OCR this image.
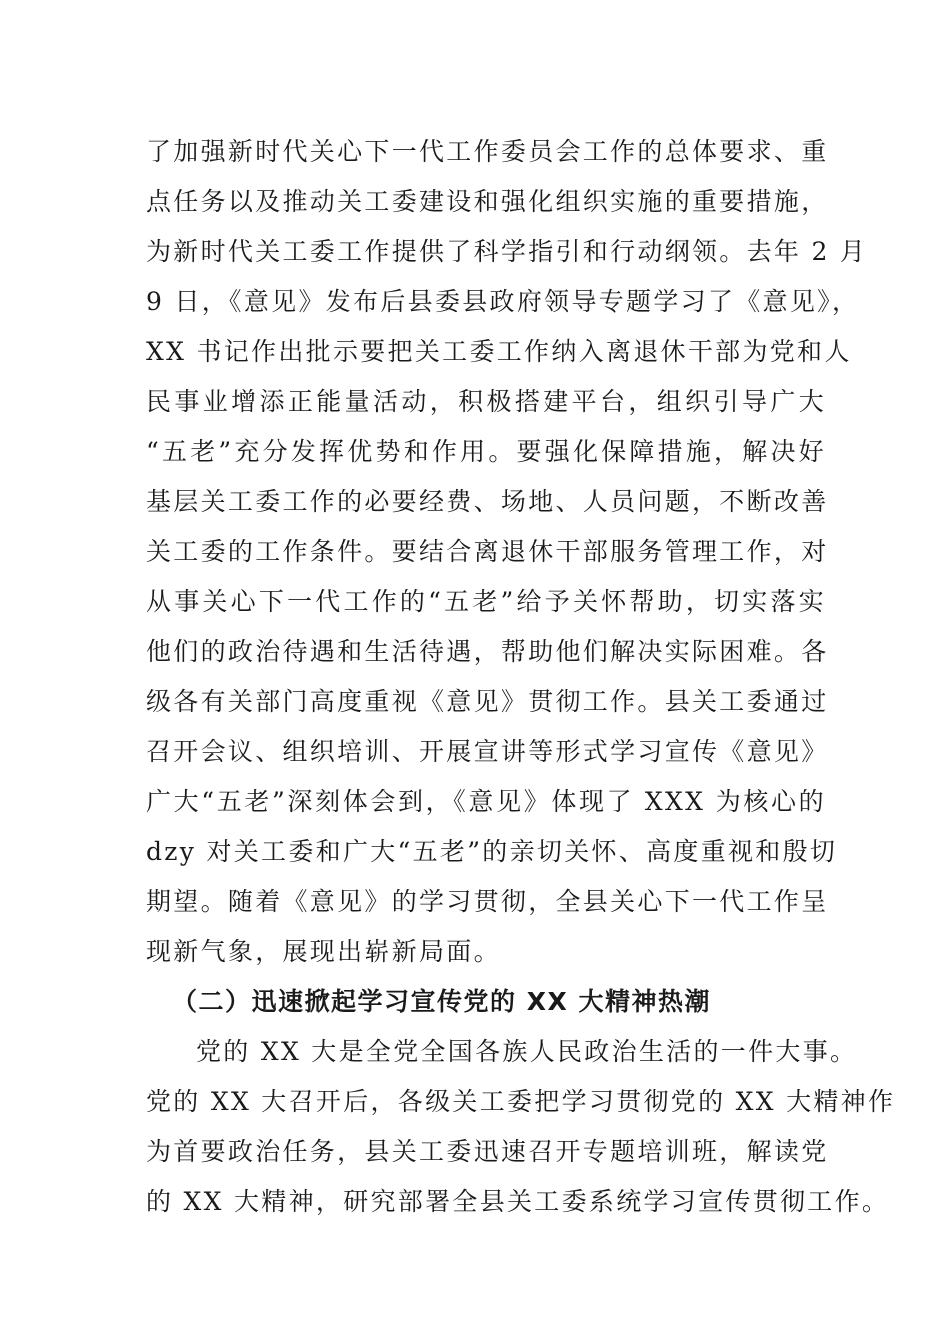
了加强新时代关心下一代工作委员会工作的总体要求、重
点任务以及推动关工委建设和强化组织实施的重要措施，
为新时代关工委工作提供了科学指引和行动纲领。去年 2 月
9 日，《意见》发布后县委县政府领导专题学习了《意见》，
XX 书记作出批示要把关工委工作纳入离退休干部为党和人
民事业增添正能量活动，积极搭建平台，组织引导广大
“五老”充分发挥优势和作用。要强化保障措施，解决好
基层关工委工作的必要经费、场地、人员问题，不断改善
关工委的工作条件。要结合离退休干部服务管理工作，对
从事关心下一代工作的“五老”给予关怀帮助，切实落实
他们的政治待遇和生活待遇，帮助他们解决实际困难。各
级各有关部门高度重视《意见》贯彻工作。县关工委通过
召开会议、组织培训、开展宣讲等形式学习宣传《意见》
广大“五老”深刻体会到，《意见》体现了 XXX 为核心的
dzy 对关工委和广大“五老”的亲切关怀、高度重视和殷切
期望。随着《意见》的学习贯彻，全县关心下一代工作呈
现新气象，展现出崭新局面。
（二）迅速掀起学习宣传党的 XX 大精神热潮
党的 XX 大是全党全国各族人民政治生活的一件大事。
党的 XX 大召开后，各级关工委把学习贯彻党的 XX 大精神作
为首要政治任务，县关工委迅速召开专题培训班，解读党
的 XX 大精神，研究部署全县关工委系统学习宣传贯彻工作。
